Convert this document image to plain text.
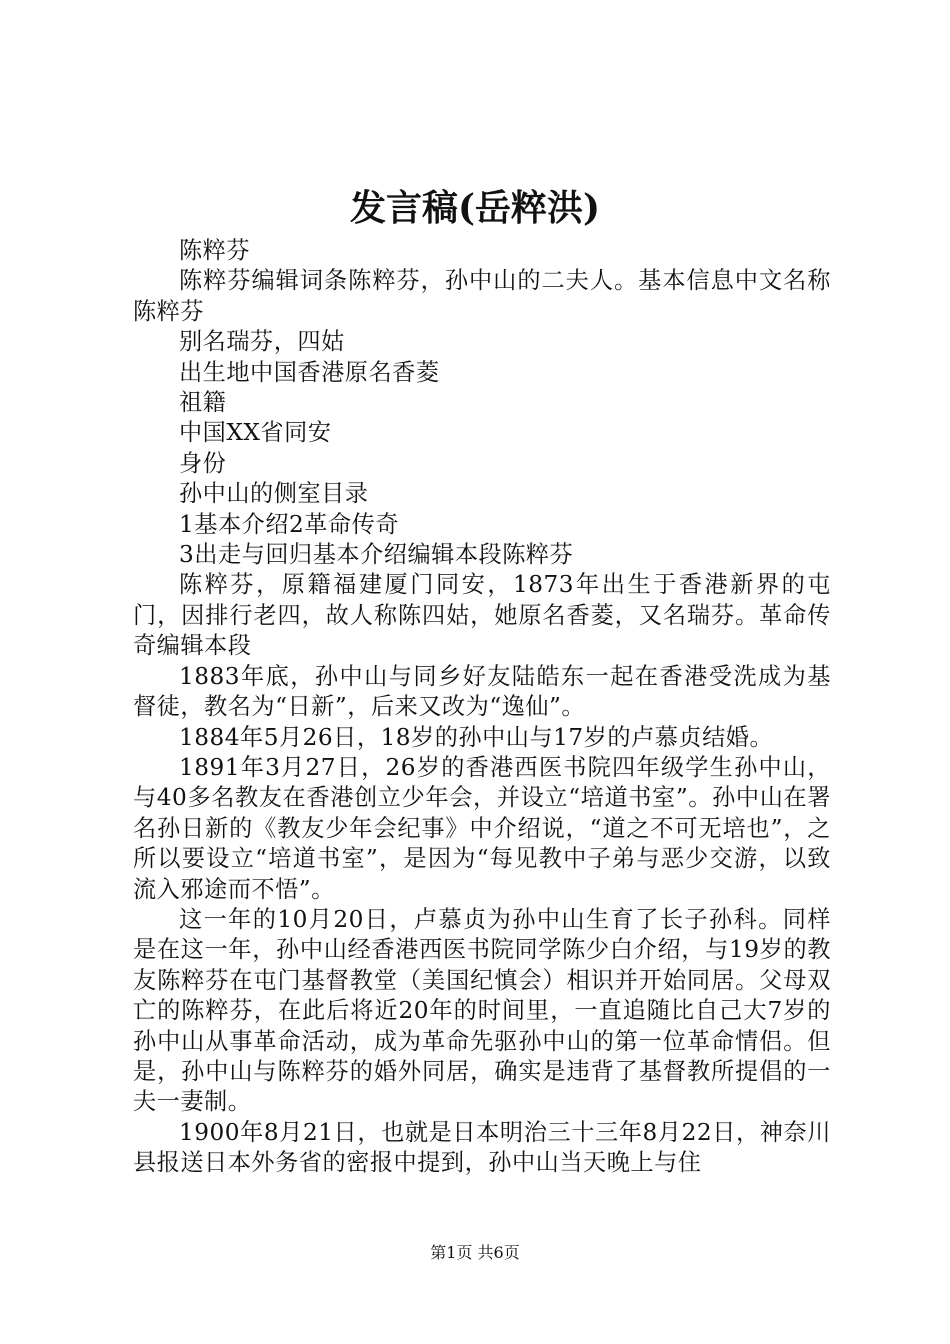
发言稿(岳粹洪)

陈粹芬

陈粹芬编辑词条陈粹芬，孙中山的二夫人。基本信息中文名称陈粹芬

别名瑞芬，四姑

出生地中国香港原名香菱

祖籍

中国XX省同安

身份

孙中山的侧室目录

1基本介绍2革命传奇

3出走与回归基本介绍编辑本段陈粹芬

陈粹芬，原籍福建厦门同安，1873年出生于香港新界的屯门，因排行老四，故人称陈四姑，她原名香菱，又名瑞芬。革命传奇编辑本段

1883年底，孙中山与同乡好友陆皓东一起在香港受洗成为基督徒，教名为“日新”，后来又改为“逸仙”。

1884年5月26日，18岁的孙中山与17岁的卢慕贞结婚。

1891年3月27日，26岁的香港西医书院四年级学生孙中山，与40多名教友在香港创立少年会，并设立“培道书室”。孙中山在署名孙日新的《教友少年会纪事》中介绍说，“道之不可无培也”，之所以要设立“培道书室”，是因为“每见教中子弟与恶少交游，以致流入邪途而不悟”。

这一年的10月20日，卢慕贞为孙中山生育了长子孙科。同样是在这一年，孙中山经香港西医书院同学陈少白介绍，与19岁的教友陈粹芬在屯门基督教堂（美国纪慎会）相识并开始同居。父母双亡的陈粹芬，在此后将近20年的时间里，一直追随比自己大7岁的孙中山从事革命活动，成为革命先驱孙中山的第一位革命情侣。但是，孙中山与陈粹芬的婚外同居，确实是违背了基督教所提倡的一夫一妻制。

1900年8月21日，也就是日本明治三十三年8月22日，神奈川县报送日本外务省的密报中提到，孙中山当天晚上与住

第1页 共6页
